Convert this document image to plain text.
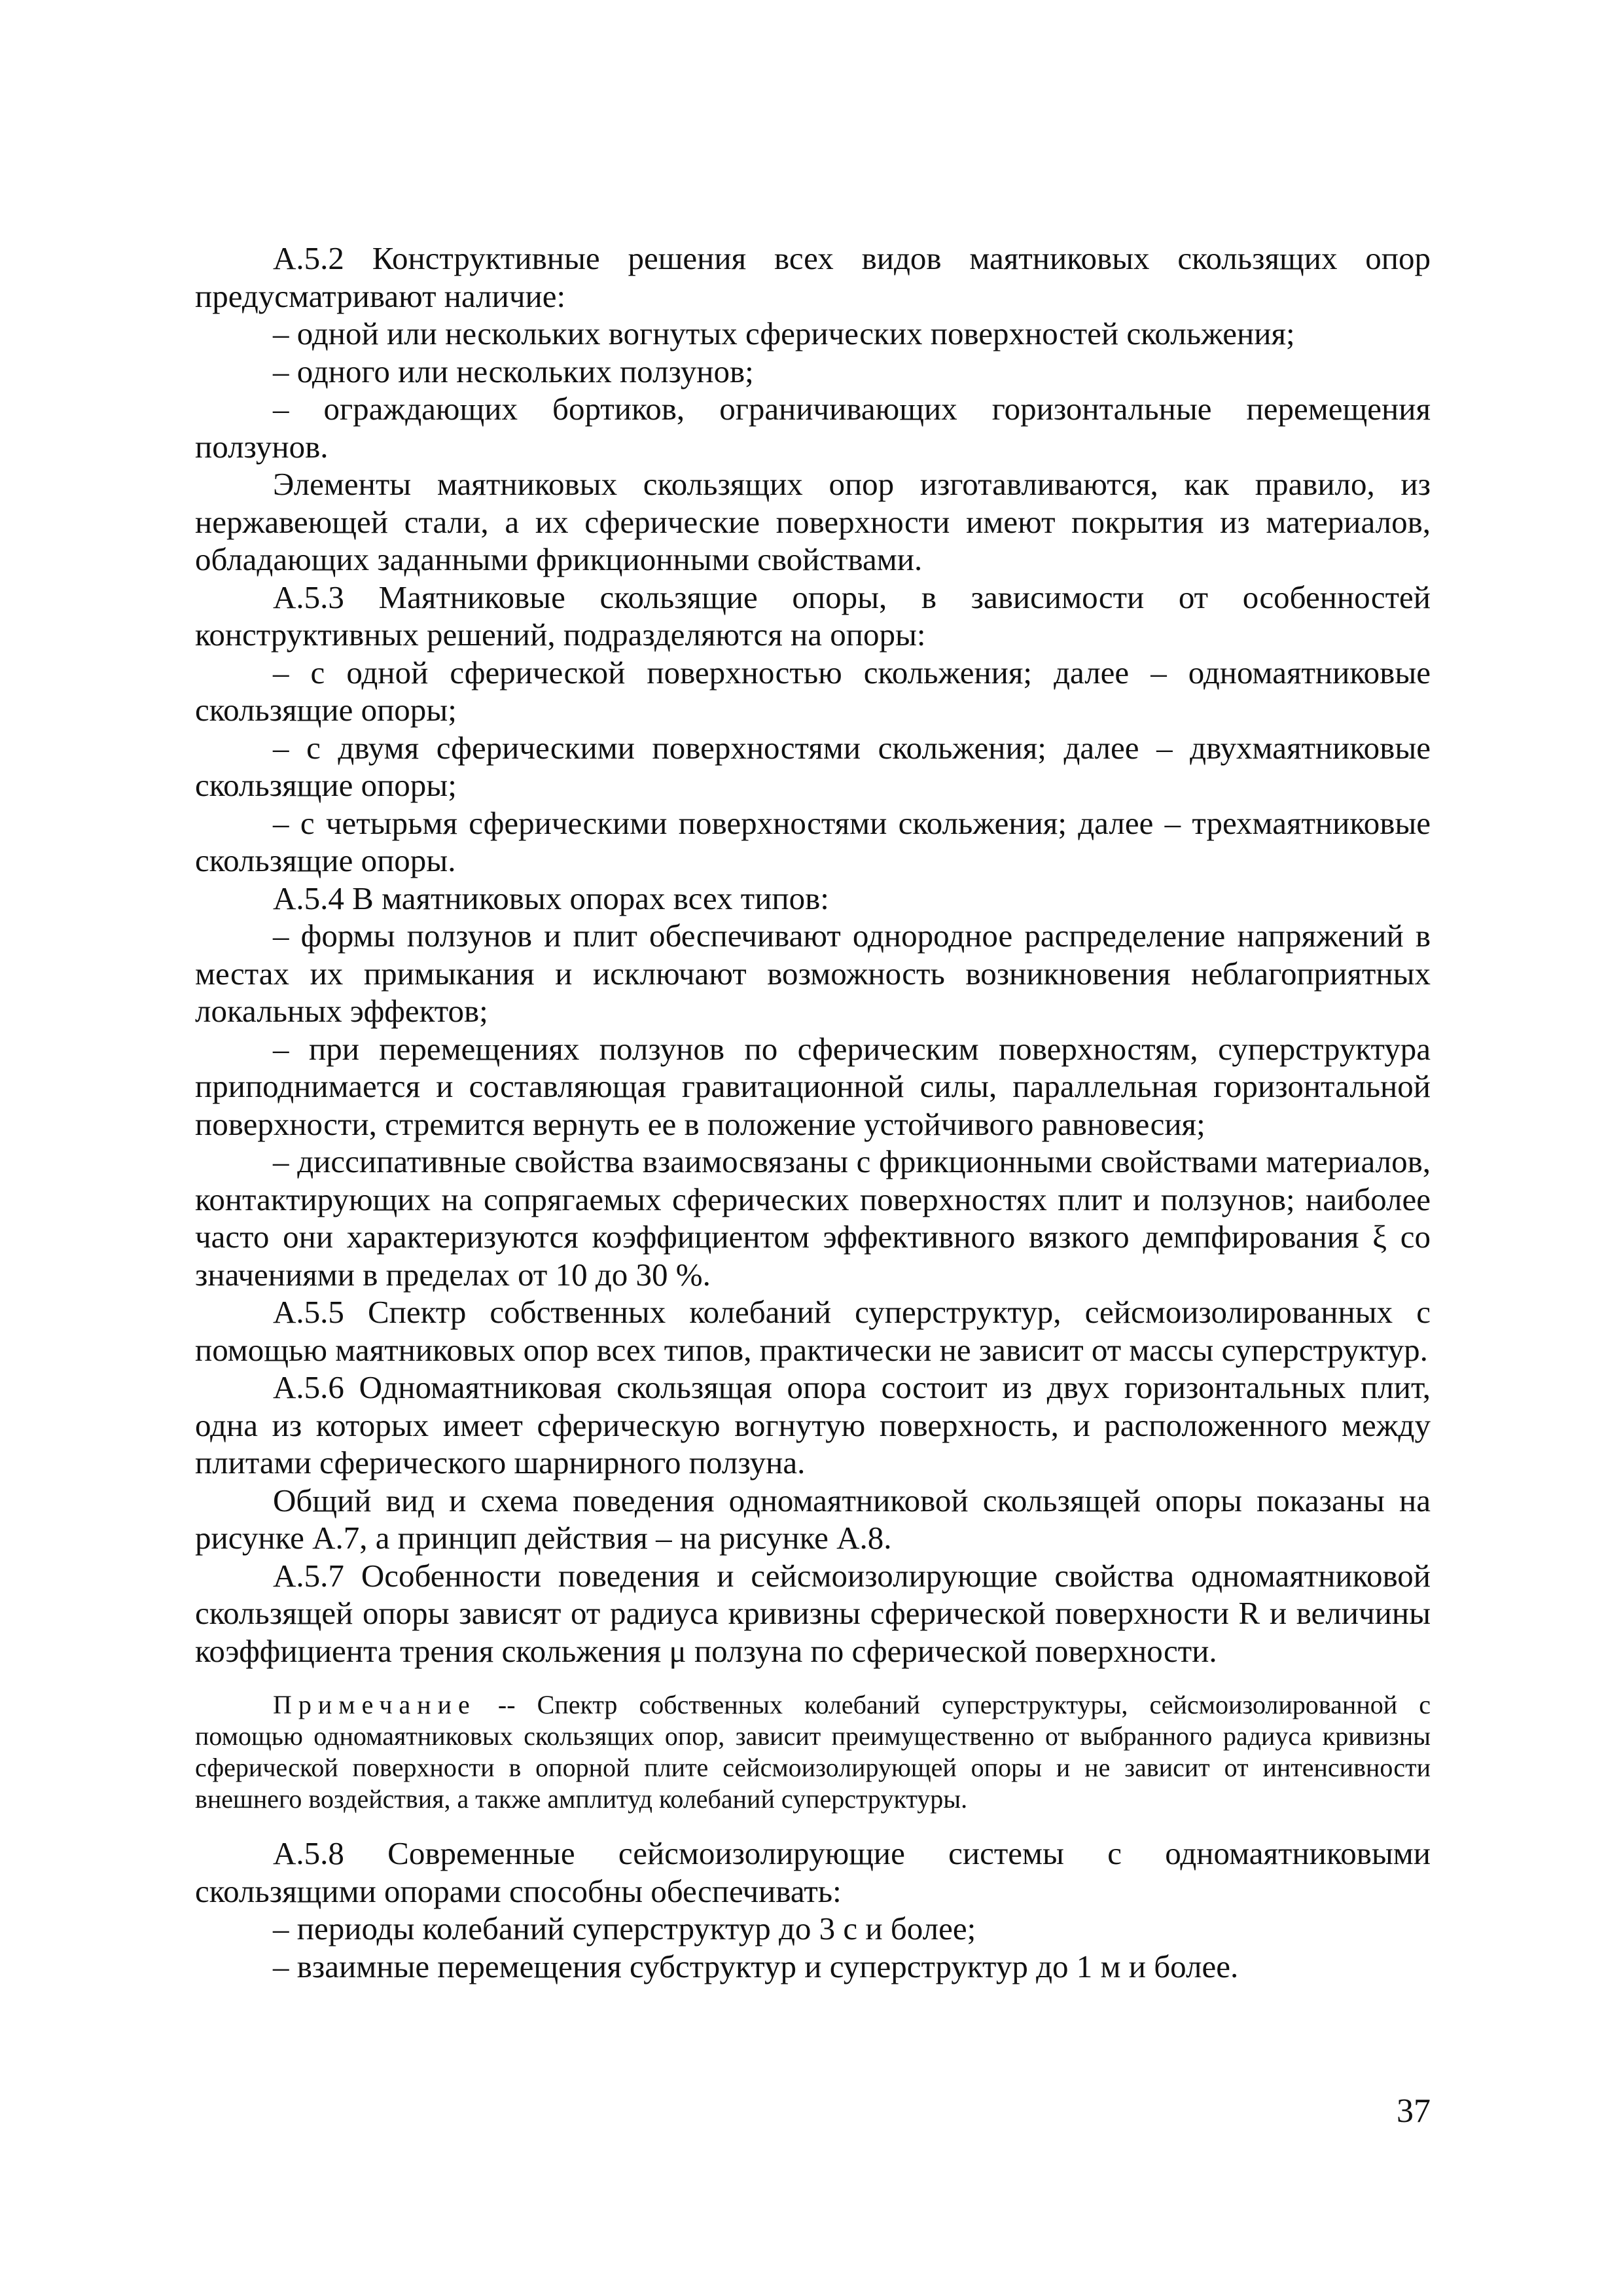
А.5.2 Конструктивные решения всех видов маятниковых скользящих опор предусматривают наличие:

– одной или нескольких вогнутых сферических поверхностей скольжения;

– одного или нескольких ползунов;

– ограждающих бортиков, ограничивающих горизонтальные перемещения ползунов.

Элементы маятниковых скользящих опор изготавливаются, как правило, из нержавеющей стали, а их сферические поверхности имеют покрытия из материалов, обладающих заданными фрикционными свойствами.

А.5.3 Маятниковые скользящие опоры, в зависимости от особенностей конструктивных решений, подразделяются на опоры:

– с одной сферической поверхностью скольжения; далее – одномаятниковые скользящие опоры;

– с двумя сферическими поверхностями скольжения; далее – двухмаятниковые скользящие опоры;

– с четырьмя сферическими поверхностями скольжения; далее – трехмаятниковые скользящие опоры.

А.5.4 В маятниковых опорах всех типов:

– формы ползунов и плит обеспечивают однородное распределение напряжений в местах их примыкания и исключают возможность возникновения неблагоприятных локальных эффектов;

– при перемещениях ползунов по сферическим поверхностям, суперструктура приподнимается и составляющая гравитационной силы, параллельная горизонтальной поверхности, стремится вернуть ее в положение устойчивого равновесия;

– диссипативные свойства взаимосвязаны с фрикционными свойствами материалов, контактирующих на сопрягаемых сферических поверхностях плит и ползунов; наиболее часто они характеризуются коэффициентом эффективного вязкого демпфирования ξ со значениями в пределах от 10 до 30 %.

А.5.5 Спектр собственных колебаний суперструктур, сейсмоизолированных с помощью маятниковых опор всех типов, практически не зависит от массы суперструктур.

А.5.6 Одномаятниковая скользящая опора состоит из двух горизонтальных плит, одна из которых имеет сферическую вогнутую поверхность, и расположенного между плитами сферического шарнирного ползуна.

Общий вид и схема поведения одномаятниковой скользящей опоры показаны на рисунке А.7, а принцип действия – на рисунке А.8.

А.5.7 Особенности поведения и сейсмоизолирующие свойства одномаятниковой скользящей опоры зависят от радиуса кривизны сферической поверхности R и величины коэффициента трения скольжения μ ползуна по сферической поверхности.

Примечание -- Спектр собственных колебаний суперструктуры, сейсмоизолированной с помощью одномаятниковых скользящих опор, зависит преимущественно от выбранного радиуса кривизны сферической поверхности в опорной плите сейсмоизолирующей опоры и не зависит от интенсивности внешнего воздействия, а также амплитуд колебаний суперструктуры.

А.5.8 Современные сейсмоизолирующие системы с одномаятниковыми скользящими опорами способны обеспечивать:

– периоды колебаний суперструктур до 3 с и более;

– взаимные перемещения субструктур и суперструктур до 1 м и более.

37
